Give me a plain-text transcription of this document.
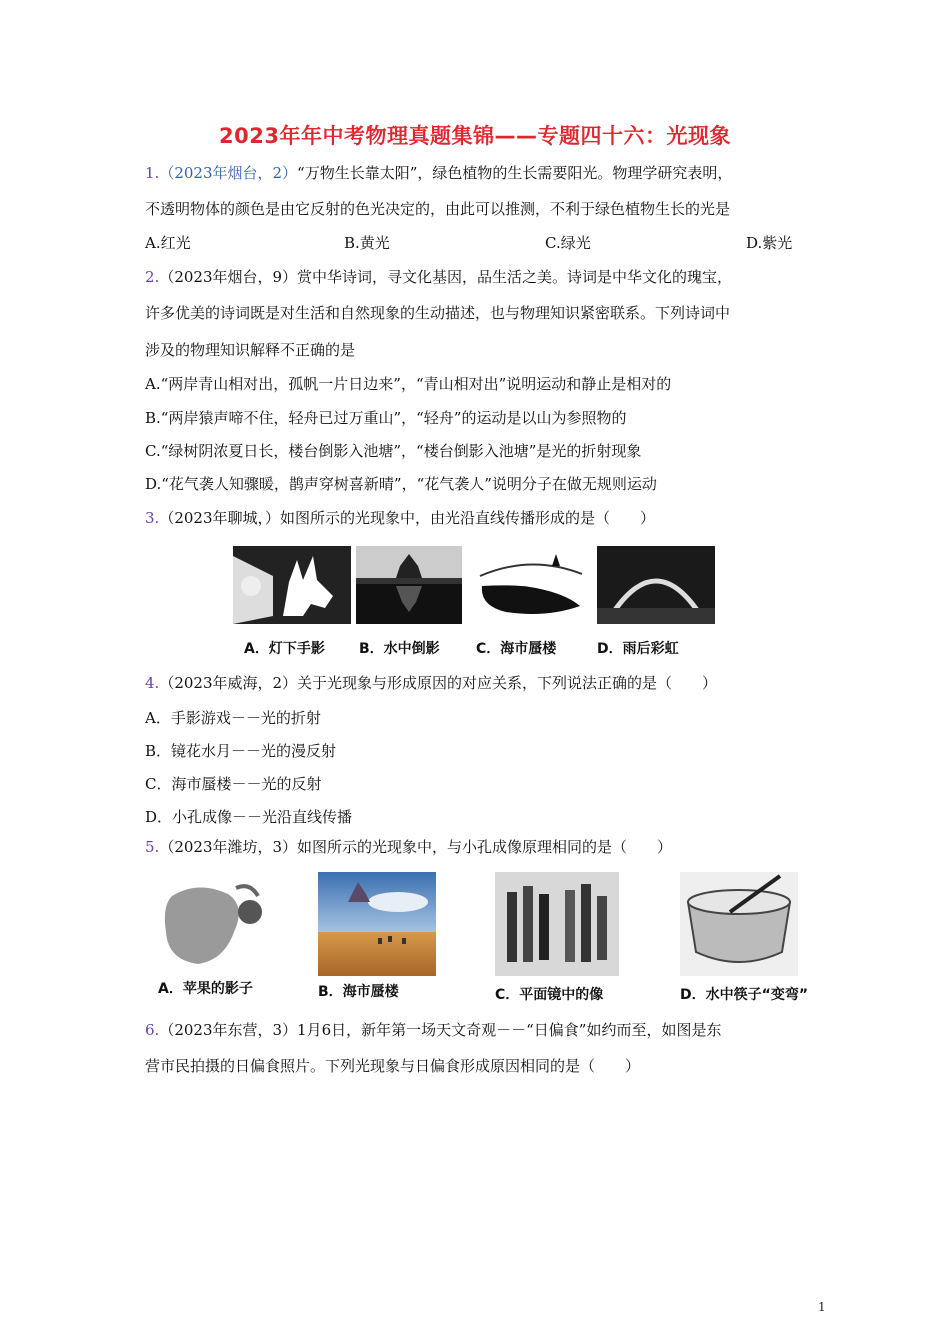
2023年年中考物理真题集锦——专题四十六：光现象
1.（2023年烟台，2）“万物生长靠太阳”，绿色植物的生长需要阳光。物理学研究表明，
不透明物体的颜色是由它反射的色光决定的，由此可以推测，不利于绿色植物生长的光是
A.红光	B.黄光	C.绿光	D.紫光
2.（2023年烟台，9）赏中华诗词，寻文化基因，品生活之美。诗词是中华文化的瑰宝，
许多优美的诗词既是对生活和自然现象的生动描述，也与物理知识紧密联系。下列诗词中
涉及的物理知识解释不正确的是
A.“两岸青山相对出，孤帆一片日边来”，“青山相对出”说明运动和静止是相对的
B.“两岸猿声啼不住，轻舟已过万重山”，“轻舟”的运动是以山为参照物的
C.“绿树阴浓夏日长，楼台倒影入池塘”，“楼台倒影入池塘”是光的折射现象
D.“花气袭人知骤暖，鹊声穿树喜新晴”，“花气袭人”说明分子在做无规则运动
3.（2023年聊城，）如图所示的光现象中，由光沿直线传播形成的是（　　）
A．灯下手影 B．水中倒影	C．海市蜃楼	D．雨后彩虹
4.（2023年威海，2）关于光现象与形成原因的对应关系，下列说法正确的是（　　）
A．手影游戏－－光的折射
B．镜花水月－－光的漫反射
C．海市蜃楼－－光的反射
D．小孔成像－－光沿直线传播
5.（2023年潍坊，3）如图所示的光现象中，与小孔成像原理相同的是（　　）
A．苹果的影子	B．海市蜃楼	C．平面镜中的像	D．水中筷子“变弯”
6.（2023年东营，3）1月6日，新年第一场天文奇观－－“日偏食”如约而至，如图是东
营市民拍摄的日偏食照片。下列光现象与日偏食形成原因相同的是（　　）
1
